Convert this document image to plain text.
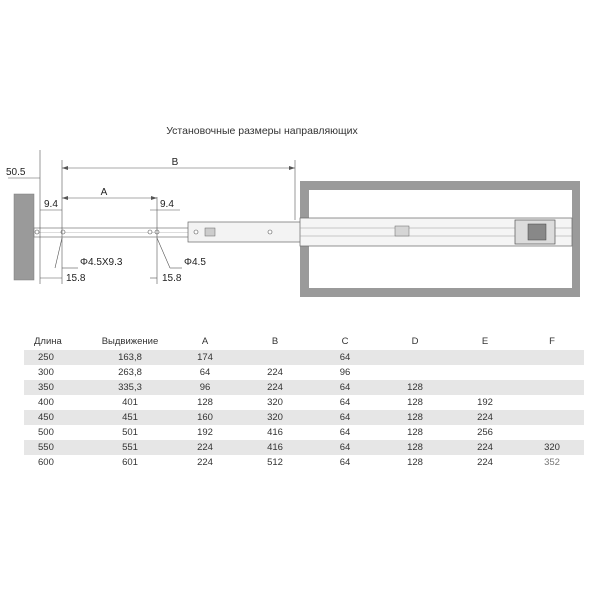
Установочные размеры направляющих
50.5
B
A
9.4	9.4
Φ4.5X9.3	Φ4.5
15.8	15.8
Длина	Выдвижение	A	B	C	D	E	F
250	163,8	174		64			
300	263,8	64	224	96			
350	335,3	96	224	64	128		
400	401	128	320	64	128	192	
450	451	160	320	64	128	224	
500	501	192	416	64	128	256	
550	551	224	416	64	128	224	320
600	601	224	512	64	128	224	352
